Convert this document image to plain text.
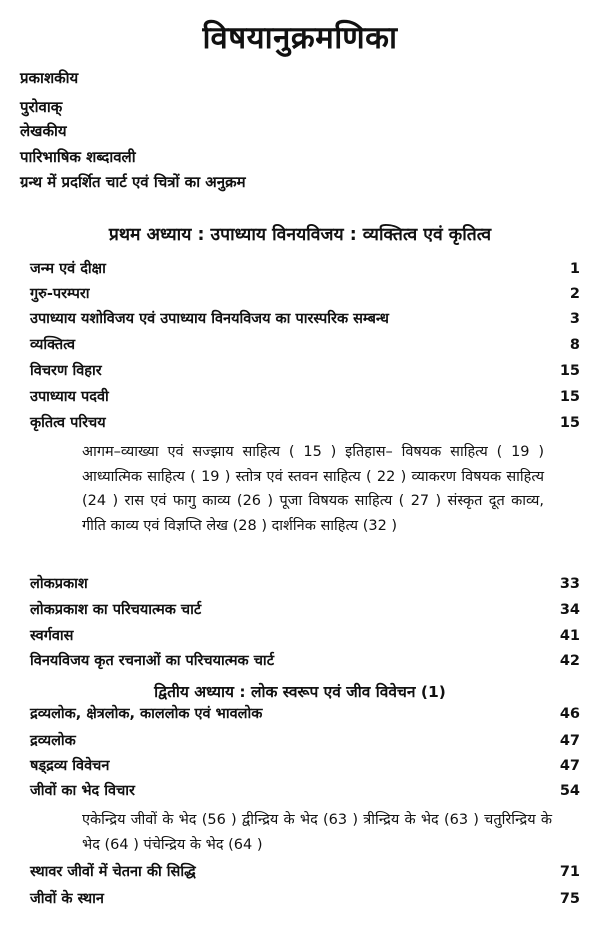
विषयानुक्रमणिका

प्रकाशकीय

पुरोवाक्

लेखकीय

पारिभाषिक शब्दावली

ग्रन्थ में प्रदर्शित चार्ट एवं चित्रों का अनुक्रम

प्रथम अध्याय : उपाध्याय विनयविजय : व्यक्तित्व एवं कृतित्व
जन्म एवं दीक्षा	1
गुरु-परम्परा	2
उपाध्याय यशोविजय एवं उपाध्याय विनयविजय का पारस्परिक सम्बन्ध	3
व्यक्तित्व	8
विचरण विहार	15
उपाध्याय पदवी	15
कृतित्व परिचय	15

आगम–व्याख्या एवं सज्झाय साहित्य ( 15 ) इतिहास– विषयक साहित्य ( 19 ) आध्यात्मिक साहित्य ( 19 ) स्तोत्र एवं स्तवन साहित्य ( 22 ) व्याकरण विषयक साहित्य (24 ) रास एवं फागु काव्य (26 ) पूजा विषयक साहित्य ( 27 ) संस्कृत दूत काव्य, गीति काव्य एवं विज्ञप्ति लेख (28 ) दार्शनिक साहित्य (32 )

लोकप्रकाश	33
लोकप्रकाश का परिचयात्मक चार्ट	34
स्वर्गवास	41
विनयविजय कृत रचनाओं का परिचयात्मक चार्ट	42
द्वितीय अध्याय : लोक स्वरूप एवं जीव विवेचन (1)
द्रव्यलोक, क्षेत्रलोक, काललोक एवं भावलोक	46
द्रव्यलोक	47
षड्द्रव्य विवेचन	47
जीवों का भेद विचार	54

एकेन्द्रिय जीवों के भेद (56 ) द्वीन्द्रिय के भेद (63 ) त्रीन्द्रिय के भेद (63 ) चतुरिन्द्रिय के भेद (64 ) पंचेन्द्रिय के भेद (64 )

स्थावर जीवों में चेतना की सिद्धि	71
जीवों के स्थान	75
